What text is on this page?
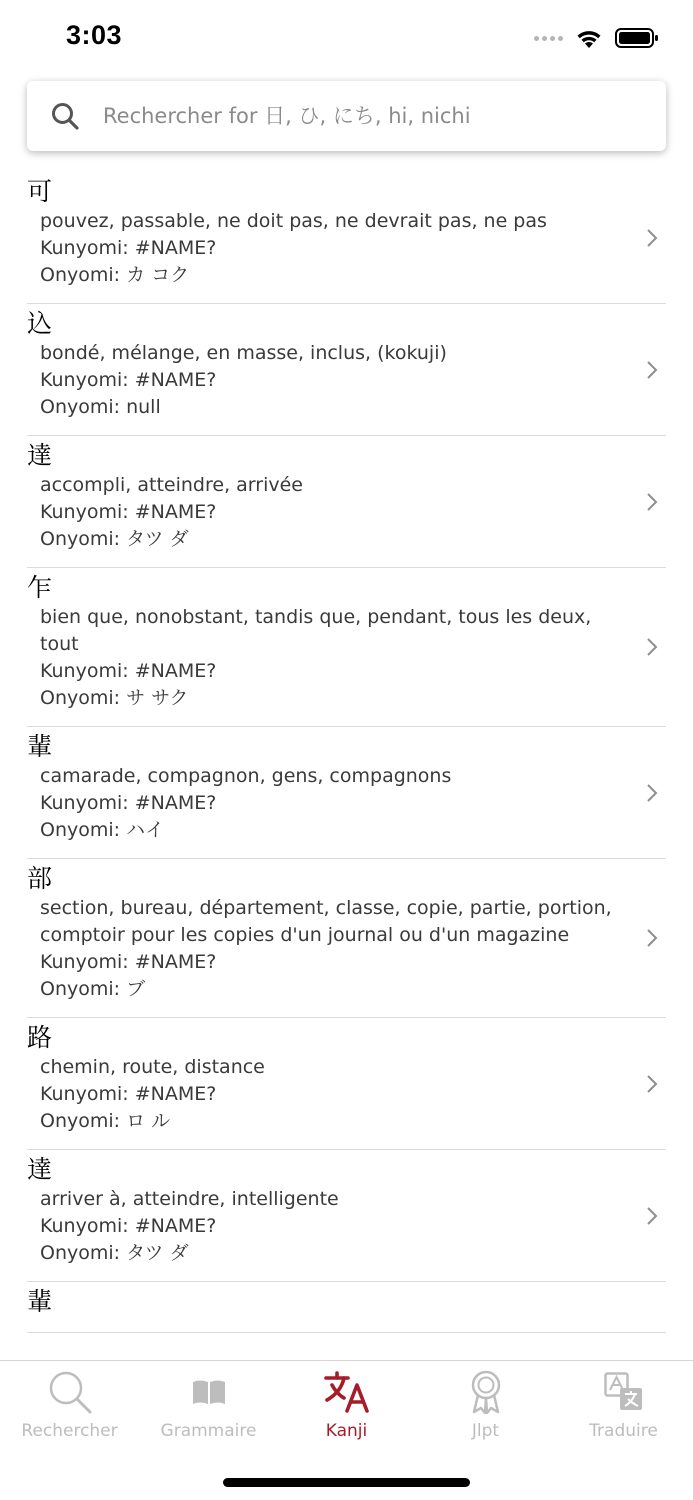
3:03
Rechercher for 日, ひ, にち, hi, nichi
可
pouvez, passable, ne doit pas, ne devrait pas, ne pas
Kunyomi: #NAME?
Onyomi: カ コク
込
bondé, mélange, en masse, inclus, (kokuji)
Kunyomi: #NAME?
Onyomi: null
達
accompli, atteindre, arrivée
Kunyomi: #NAME?
Onyomi: タツ ダ
乍
bien que, nonobstant, tandis que, pendant, tous les deux, tout
Kunyomi: #NAME?
Onyomi: サ サク
輩
camarade, compagnon, gens, compagnons
Kunyomi: #NAME?
Onyomi: ハイ
部
section, bureau, département, classe, copie, partie, portion, comptoir pour les copies d'un journal ou d'un magazine
Kunyomi: #NAME?
Onyomi: ブ
路
chemin, route, distance
Kunyomi: #NAME?
Onyomi: ロ ル
達
arriver à, atteindre, intelligente
Kunyomi: #NAME?
Onyomi: タツ ダ
輩
Rechercher	Grammaire	Kanji	Jlpt	Traduire
